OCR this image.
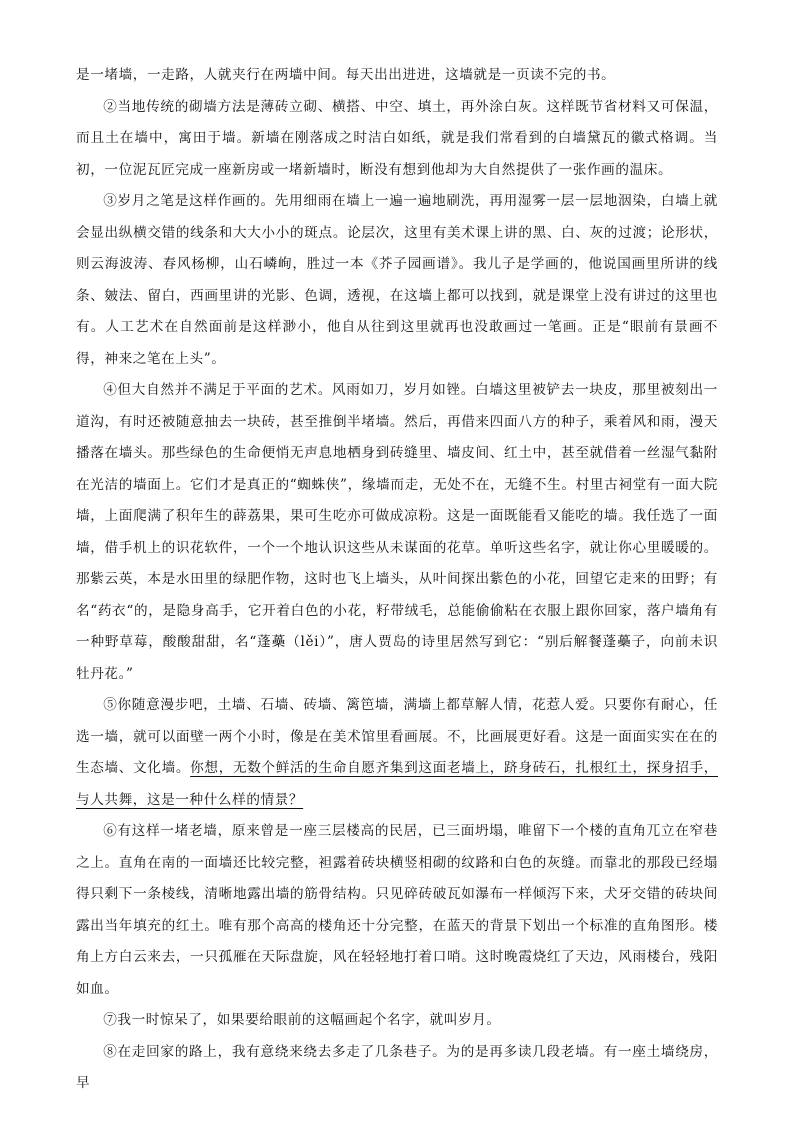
是一堵墙，一走路，人就夹行在两墙中间。每天出出进进，这墙就是一页读不完的书。

②当地传统的砌墙方法是薄砖立砌、横搭、中空、填土，再外涂白灰。这样既节省材料又可保温，而且土在墙中，寓田于墙。新墙在刚落成之时洁白如纸，就是我们常看到的白墙黛瓦的徽式格调。当初，一位泥瓦匠完成一座新房或一堵新墙时，断没有想到他却为大自然提供了一张作画的温床。

③岁月之笔是这样作画的。先用细雨在墙上一遍一遍地刷洗，再用湿雾一层一层地洇染，白墙上就会显出纵横交错的线条和大大小小的斑点。论层次，这里有美术课上讲的黑、白、灰的过渡；论形状，则云海波涛、春风杨柳，山石嶙峋，胜过一本《芥子园画谱》。我儿子是学画的，他说国画里所讲的线条、皴法、留白，西画里讲的光影、色调，透视，在这墙上都可以找到，就是课堂上没有讲过的这里也有。人工艺术在自然面前是这样渺小，他自从往到这里就再也没敢画过一笔画。正是“眼前有景画不得，神来之笔在上头”。

④但大自然并不满足于平面的艺术。风雨如刀，岁月如锉。白墙这里被铲去一块皮，那里被刻出一道沟，有时还被随意抽去一块砖，甚至推倒半堵墙。然后，再借来四面八方的种子，乘着风和雨，漫天播落在墙头。那些绿色的生命便悄无声息地栖身到砖缝里、墙皮间、红土中，甚至就借着一丝湿气黏附在光洁的墙面上。它们才是真正的“蜘蛛侠”，缘墙而走，无处不在，无缝不生。村里古祠堂有一面大院墙，上面爬满了积年生的薜荔果，果可生吃亦可做成凉粉。这是一面既能看又能吃的墙。我任选了一面墙，借手机上的识花软件，一个一个地认识这些从未谋面的花草。单听这些名字，就让你心里暖暖的。那紫云英，本是水田里的绿肥作物，这时也飞上墙头，从叶间探出紫色的小花，回望它走来的田野；有名“药衣“的，是隐身高手，它开着白色的小花，籽带绒毛，总能偷偷粘在衣服上跟你回家，落户墙角有一种野草莓，酸酸甜甜，名“蓬蘽（lěi）”，唐人贾岛的诗里居然写到它：“别后解餐蓬蘽子，向前未识牡丹花。”

⑤你随意漫步吧，土墙、石墙、砖墙、篱笆墙，满墙上都草解人情，花惹人爱。只要你有耐心，任选一墙，就可以面壁一两个小时，像是在美术馆里看画展。不，比画展更好看。这是一面面实实在在的生态墙、文化墙。你想，无数个鲜活的生命自愿齐集到这面老墙上，跻身砖石，扎根红土，探身招手，与人共舞，这是一种什么样的情景？

⑥有这样一堵老墙，原来曾是一座三层楼高的民居，已三面坍塌，唯留下一个楼的直角兀立在窄巷之上。直角在南的一面墙还比较完整，袒露着砖块横竖相砌的纹路和白色的灰缝。而靠北的那段已经塌得只剩下一条棱线，清晰地露出墙的筋骨结构。只见碎砖破瓦如瀑布一样倾泻下来，犬牙交错的砖块间露出当年填充的红土。唯有那个高高的楼角还十分完整，在蓝天的背景下划出一个标准的直角图形。楼角上方白云来去，一只孤雁在天际盘旋，风在轻轻地打着口哨。这时晚霞烧红了天边，风雨楼台，残阳如血。

⑦我一时惊呆了，如果要给眼前的这幅画起个名字，就叫岁月。

⑧在走回家的路上，我有意绕来绕去多走了几条巷子。为的是再多读几段老墙。有一座土墙绕房，早
